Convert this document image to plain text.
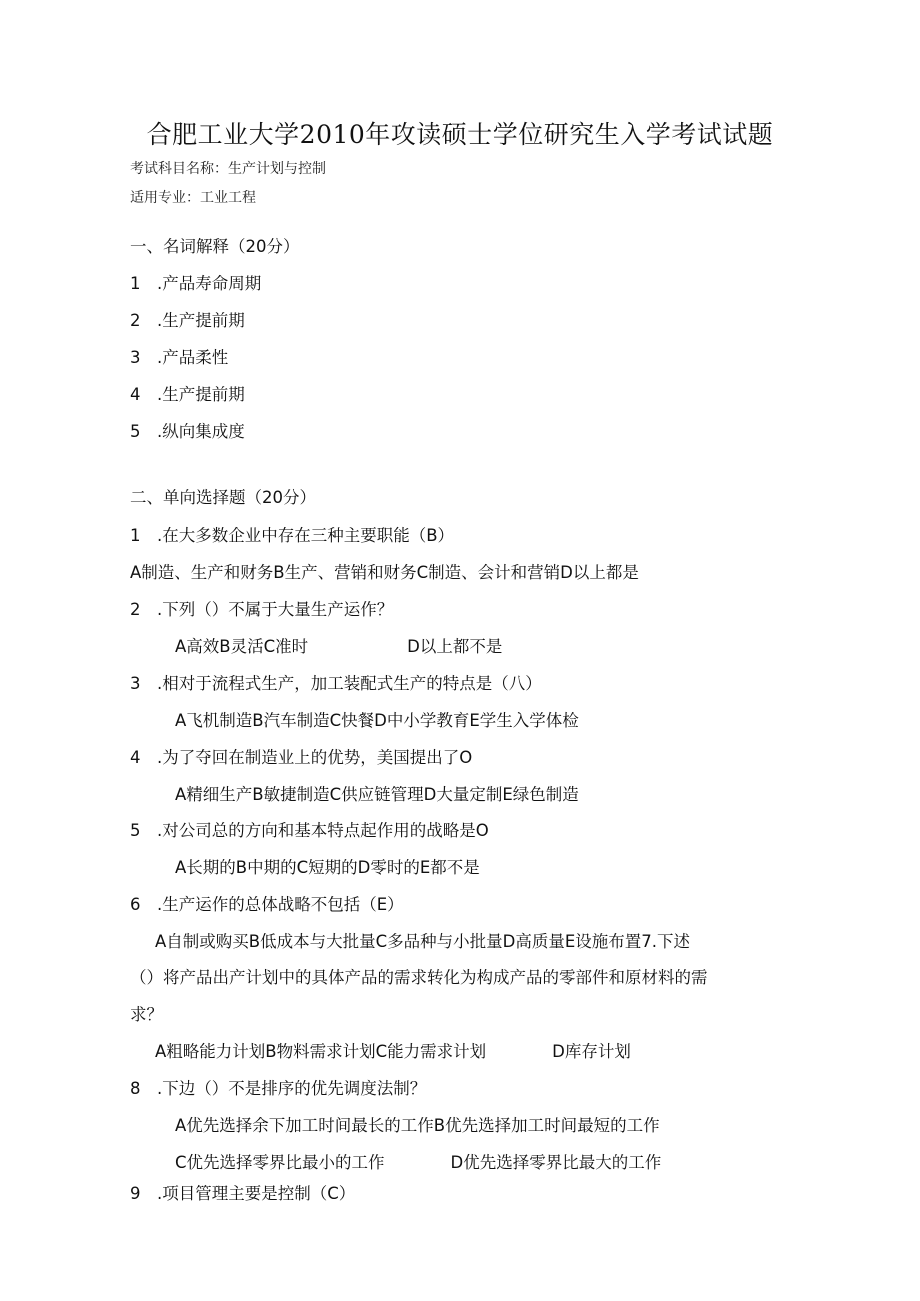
合肥工业大学2010年攻读硕士学位研究生入学考试试题
考试科目名称：生产计划与控制
适用专业：工业工程
一、名词解释（20分）
1　.产品寿命周期
2　.生产提前期
3　.产品柔性
4　.生产提前期
5　.纵向集成度
二、单向选择题（20分）
1　.在大多数企业中存在三种主要职能（B）
A制造、生产和财务B生产、营销和财务C制造、会计和营销D以上都是
2　.下列（）不属于大量生产运作？
A高效B灵活C准时　　　　　　D以上都不是
3　.相对于流程式生产，加工装配式生产的特点是（八）
A飞机制造B汽车制造C快餐D中小学教育E学生入学体检
4　.为了夺回在制造业上的优势，美国提出了O
A精细生产B敏捷制造C供应链管理D大量定制E绿色制造
5　.对公司总的方向和基本特点起作用的战略是O
A长期的B中期的C短期的D零时的E都不是
6　.生产运作的总体战略不包括（E）
A自制或购买B低成本与大批量C多品种与小批量D高质量E设施布置7.下述
（）将产品出产计划中的具体产品的需求转化为构成产品的零部件和原材料的需
求？
A粗略能力计划B物料需求计划C能力需求计划　　　　D库存计划
8　.下边（）不是排序的优先调度法制？
A优先选择余下加工时间最长的工作B优先选择加工时间最短的工作
C优先选择零界比最小的工作　　　　D优先选择零界比最大的工作
9　.项目管理主要是控制（C）
